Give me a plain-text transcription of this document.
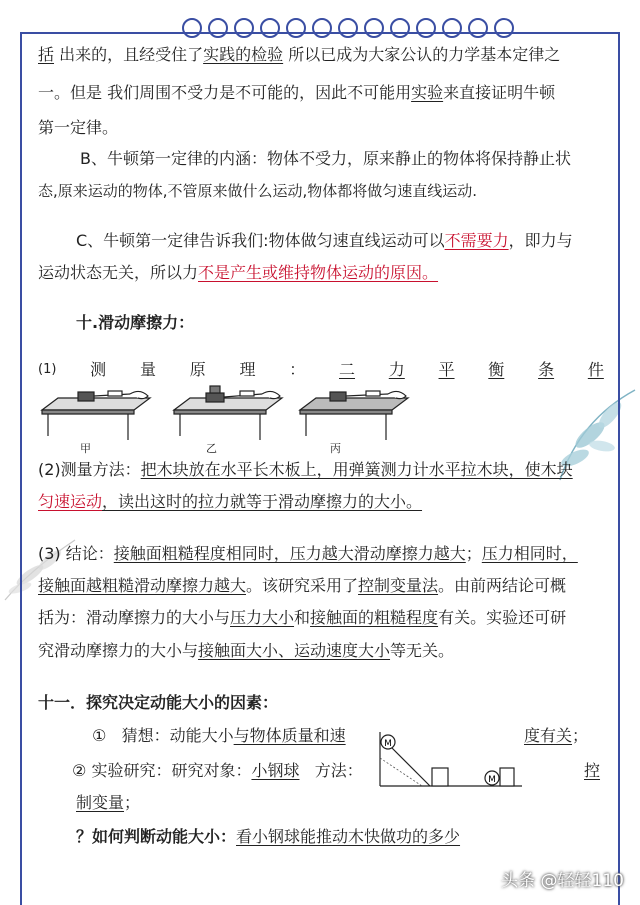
括 出来的，且经受住了实践的检验 所以已成为大家公认的力学基本定律之
一。但是 我们周围不受力是不可能的，因此不可能用实验来直接证明牛顿
第一定律。
B、牛顿第一定律的内涵：物体不受力，原来静止的物体将保持静止状
态,原来运动的物体,不管原来做什么运动,物体都将做匀速直线运动.
C、牛顿第一定律告诉我们:物体做匀速直线运动可以不需要力，即力与
运动状态无关，所以力不是产生或维持物体运动的原因。
十.滑动摩擦力：
(1) 测 量 原 理 ： 二 力 平 衡 条 件
甲	乙	丙
(2)测量方法：把木块放在水平长木板上，用弹簧测力计水平拉木块，使木块
匀速运动，读出这时的拉力就等于滑动摩擦力的大小。
(3) 结论：接触面粗糙程度相同时，压力越大滑动摩擦力越大；压力相同时，
接触面越粗糙滑动摩擦力越大。该研究采用了控制变量法。由前两结论可概
括为：滑动摩擦力的大小与压力大小和接触面的粗糙程度有关。实验还可研
究滑动摩擦力的大小与接触面大小、运动速度大小等无关。
十一．探究决定动能大小的因素：
① 猜想：动能大小与物体质量和速	度有关；
② 实验研究：研究对象：小钢球 方法：	控
制变量；
M
M
？如何判断动能大小：看小钢球能推动木快做功的多少
头条 @轻轻110
